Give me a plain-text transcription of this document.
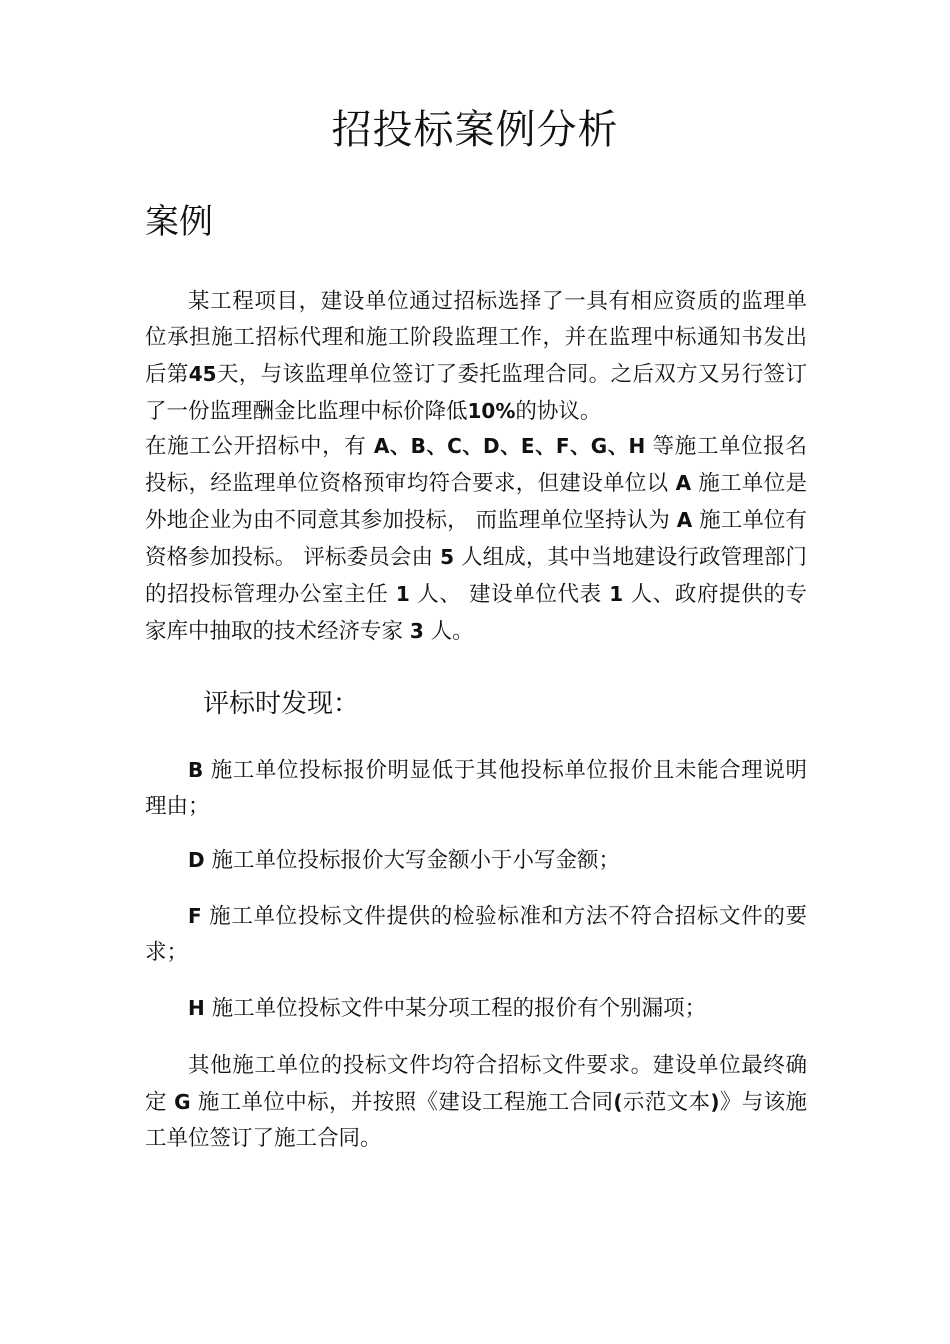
招投标案例分析
案例

某工程项目，建设单位通过招标选择了一具有相应资质的监理单位承担施工招标代理和施工阶段监理工作，并在监理中标通知书发出后第45天，与该监理单位签订了委托监理合同。之后双方又另行签订了一份监理酬金比监理中标价降低10%的协议。

在施工公开招标中，有 A、B、C、D、E、F、G、H 等施工单位报名投标，经监理单位资格预审均符合要求，但建设单位以 A 施工单位是外地企业为由不同意其参加投标， 而监理单位坚持认为 A 施工单位有资格参加投标。 评标委员会由 5 人组成，其中当地建设行政管理部门的招投标管理办公室主任 1 人、 建设单位代表 1 人、政府提供的专家库中抽取的技术经济专家 3 人。

评标时发现：

B 施工单位投标报价明显低于其他投标单位报价且未能合理说明理由；

D 施工单位投标报价大写金额小于小写金额；

F 施工单位投标文件提供的检验标准和方法不符合招标文件的要求；

H 施工单位投标文件中某分项工程的报价有个别漏项；

其他施工单位的投标文件均符合招标文件要求。建设单位最终确定 G 施工单位中标，并按照《建设工程施工合同(示范文本)》与该施工单位签订了施工合同。
